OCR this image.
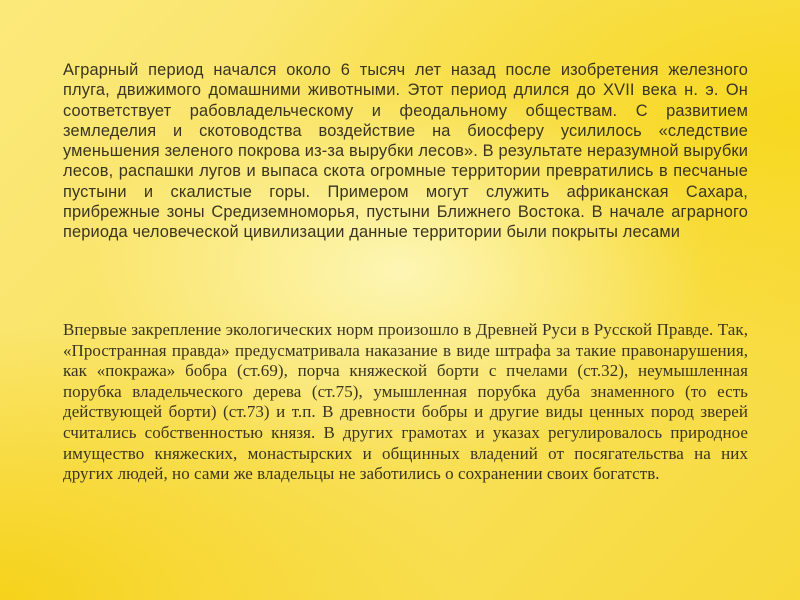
Аграрный период начался около 6 тысяч лет назад после изобретения железного плуга, движимого домашними животными. Этот период длился до XVII века н. э. Он соответствует рабовладельческому и феодальному обществам. С развитием земледелия и скотоводства воздействие на биосферу усилилось «следствие уменьшения зеленого покрова из-за вырубки лесов». В результате неразумной вырубки лесов, распашки лугов и выпаса скота огромные территории превратились в песчаные пустыни и скалистые горы. Примером могут служить африканская Сахара, прибрежные зоны Средиземноморья, пустыни Ближнего Востока. В начале аграрного периода человеческой цивилизации данные территории были покрыты лесами

Впервые закрепление экологических норм произошло в Древней Руси в Русской Правде. Так, «Пространная правда» предусматривала наказание в виде штрафа за такие правонарушения, как «покража» бобра (ст.69), порча княжеской борти с пчелами (ст.32), неумышленная порубка владельческого дерева (ст.75), умышленная порубка дуба знаменного (то есть действующей борти) (ст.73) и т.п. В древности бобры и другие виды ценных пород зверей считались собственностью князя. В других грамотах и указах регулировалось природное имущество княжеских, монастырских и общинных владений от посягательства на них других людей, но сами же владельцы не заботились о сохранении своих богатств.
